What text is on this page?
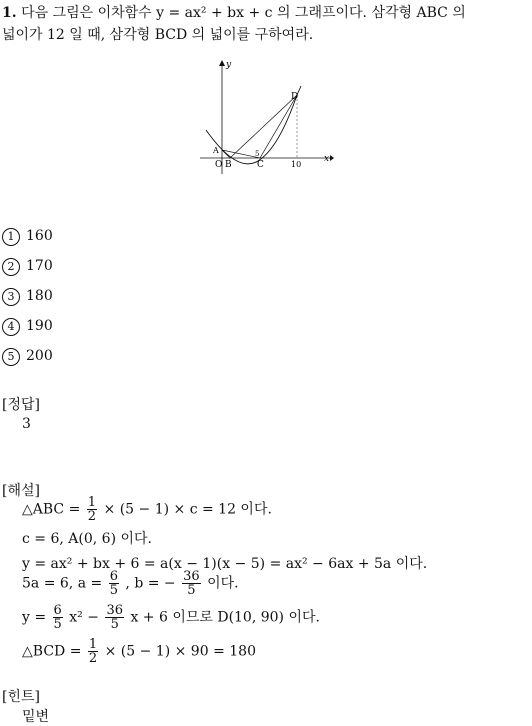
1. 다음 그림은 이차함수 y = ax² + bx + c 의 그래프이다. 삼각형 ABC 의
넓이가 12 일 때, 삼각형 BCD 의 넓이를 구하여라.
y
x
D
A	5
O B	C	10
1 160
2 170
3 180
4 190
5 200
[정답]
3
[해설]
△ABC = $\frac{1}{2} \times (5 - 1) \times c = 12$ 이다.
c = 6, A(0, 6) 이다.
y = ax² + bx + 6 = a(x − 1)(x − 5) = ax² − 6ax + 5a 이다.
5a = 6, $a = \frac{6}{5}$ , b = − $\frac{36}{5}$ 이다.
$y = \frac{6}{5} x^2 - \frac{36}{5}$ x + 6 이므로 D(10, 90) 이다.
△BCD = $\frac{1}{2} \times (5 - 1) \times 90 = 180$
[힌트]
밑변
